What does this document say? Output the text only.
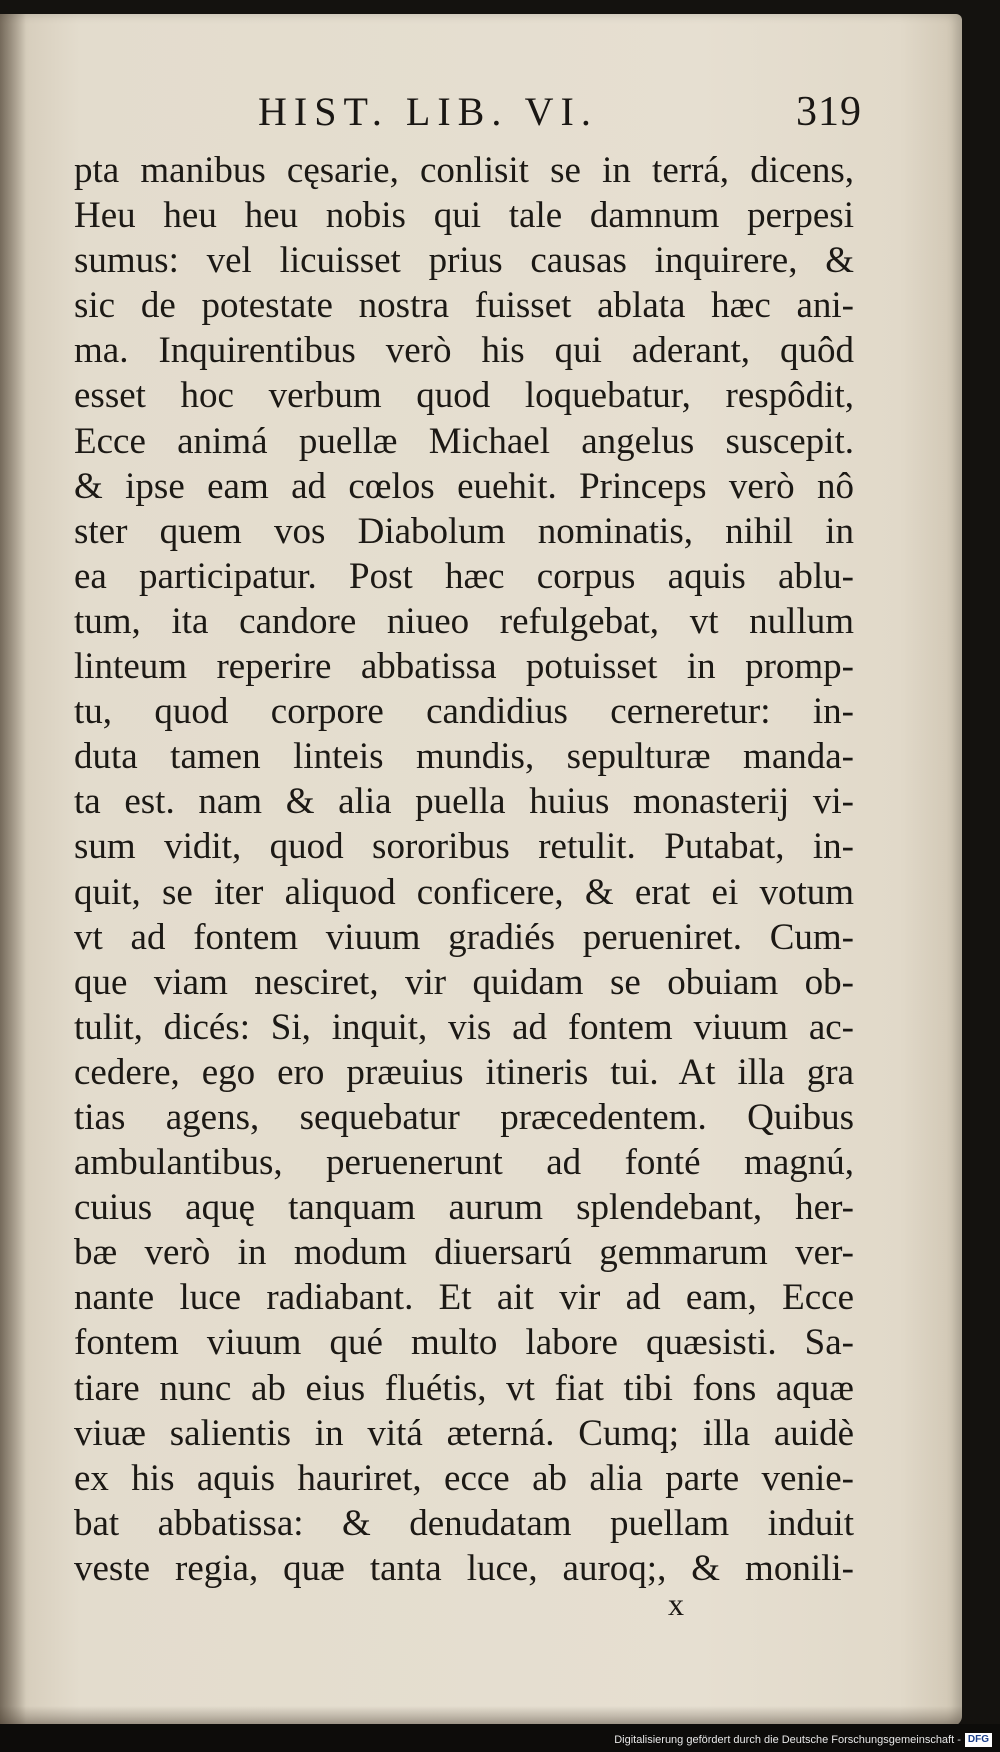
HIST. LIB. VI.	319
pta manibus cęsarie, conlisit se in terrá, dicens,
Heu heu heu nobis qui tale damnum perpesi
sumus: vel licuisset prius causas inquirere, &
sic de potestate nostra fuisset ablata hæc ani-
ma. Inquirentibus verò his qui aderant, quôd
esset hoc verbum quod loquebatur, respôdit,
Ecce animá puellæ Michael angelus suscepit.
& ipse eam ad cœlos euehit. Princeps verò nô
ster quem vos Diabolum nominatis, nihil in
ea participatur. Post hæc corpus aquis ablu-
tum, ita candore niueo refulgebat, vt nullum
linteum reperire abbatissa potuisset in promp-
tu, quod corpore candidius cerneretur: in-
duta tamen linteis mundis, sepulturæ manda-
ta est. nam & alia puella huius monasterij vi-
sum vidit, quod sororibus retulit. Putabat, in-
quit, se iter aliquod conficere, & erat ei votum
vt ad fontem viuum gradiés perueniret. Cum-
que viam nesciret, vir quidam se obuiam ob-
tulit, dicés: Si, inquit, vis ad fontem viuum ac-
cedere, ego ero præuius itineris tui. At illa gra
tias agens, sequebatur præcedentem. Quibus
ambulantibus, peruenerunt ad fonté magnú,
cuius aquę tanquam aurum splendebant, her-
bæ verò in modum diuersarú gemmarum ver-
nante luce radiabant. Et ait vir ad eam, Ecce
fontem viuum qué multo labore quæsisti. Sa-
tiare nunc ab eius fluétis, vt fiat tibi fons aquæ
viuæ salientis in vitá æterná. Cumq; illa auidè
ex his aquis hauriret, ecce ab alia parte venie-
bat abbatissa: & denudatam puellam induit
veste regia, quæ tanta luce, auroq;, & monili-
x
Digitalisierung gefördert durch die Deutsche Forschungsgemeinschaft - DFG
